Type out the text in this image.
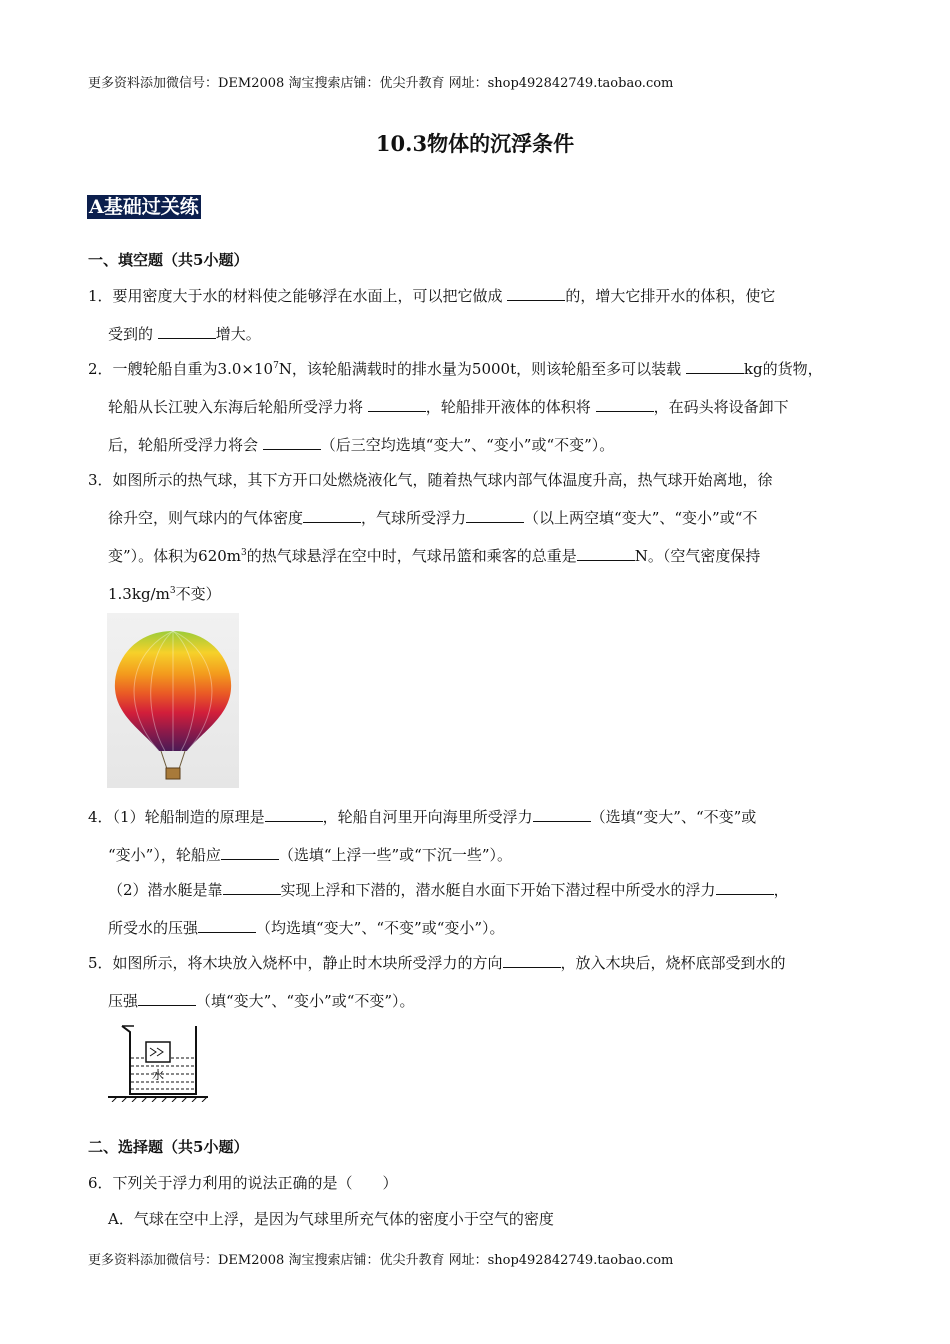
更多资料添加微信号：DEM2008 淘宝搜索店铺：优尖升教育 网址：shop492842749.taobao.com
10.3物体的沉浮条件
A基础过关练
一、填空题（共5小题）
1．要用密度大于水的材料使之能够浮在水面上，可以把它做成	的，增大它排开水的体积，使它
受到的	增大。
2．一艘轮船自重为$3.0\times 10^7N$，该轮船满载时的排水量为5000t，则该轮船至多可以装载	kg的货物，
轮船从长江驶入东海后轮船所受浮力将	，轮船排开液体的体积将	，在码头将设备卸下
后，轮船所受浮力将会	（后三空均选填“变大”、“变小”或“不变”）。
3．如图所示的热气球，其下方开口处燃烧液化气，随着热气球内部气体温度升高，热气球开始离地，徐
徐升空，则气球内的气体密度	，气球所受浮力	（以上两空填“变大”、“变小”或“不
变”）。体积为$620m^3$的热气球悬浮在空中时，气球吊篮和乘客的总重是	N。（空气密度保持
$1.3kg/m^3$不变）
4．（1）轮船制造的原理是	，轮船自河里开向海里所受浮力	（选填“变大”、“不变”或
“变小”），轮船应	（选填“上浮一些”或“下沉一些”）。
（2）潜水艇是靠	实现上浮和下潜的，潜水艇自水面下开始下潜过程中所受水的浮力	，
所受水的压强	（均选填“变大”、“不变”或“变小”）。
5．如图所示，将木块放入烧杯中，静止时木块所受浮力的方向	，放入木块后，烧杯底部受到水的
压强	（填“变大”、“变小”或“不变”）。
水
二、选择题（共5小题）
6．下列关于浮力利用的说法正确的是（　　）
A．气球在空中上浮，是因为气球里所充气体的密度小于空气的密度
更多资料添加微信号：DEM2008 淘宝搜索店铺：优尖升教育 网址：shop492842749.taobao.com
